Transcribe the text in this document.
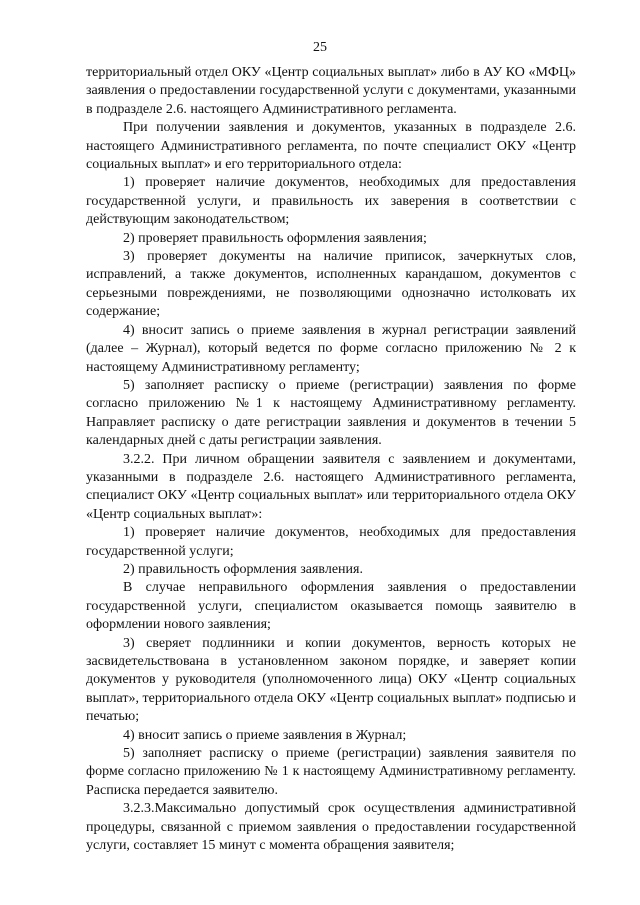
25

территориальный отдел ОКУ «Центр социальных выплат» либо в АУ КО «МФЦ» заявления о предоставлении государственной услуги с документами, указанными в подразделе 2.6. настоящего Административного регламента.

При получении заявления и документов, указанных в подразделе 2.6. настоящего Административного регламента, по почте специалист ОКУ «Центр социальных выплат» и его территориального отдела:

1) проверяет наличие документов, необходимых для предоставления государственной услуги, и правильность их заверения в соответствии с действующим законодательством;

2) проверяет правильность оформления заявления;

3) проверяет документы на наличие приписок, зачеркнутых слов, исправлений, а также документов, исполненных карандашом, документов с серьезными повреждениями, не позволяющими однозначно истолковать их содержание;

4) вносит запись о приеме заявления в журнал регистрации заявлений (далее – Журнал), который ведется по форме согласно приложению № 2 к настоящему Административному регламенту;

5) заполняет расписку о приеме (регистрации) заявления по форме согласно приложению №1 к настоящему Административному регламенту. Направляет расписку о дате регистрации заявления и документов в течении 5 календарных дней с даты регистрации заявления.

3.2.2. При личном обращении заявителя с заявлением и документами, указанными в подразделе 2.6. настоящего Административного регламента, специалист ОКУ «Центр социальных выплат» или территориального отдела ОКУ «Центр социальных выплат»:

1) проверяет наличие документов, необходимых для предоставления государственной услуги;

2) правильность оформления заявления.

В случае неправильного оформления заявления о предоставлении государственной услуги, специалистом оказывается помощь заявителю в оформлении нового заявления;

3) сверяет подлинники и копии документов, верность которых не засвидетельствована в установленном законом порядке, и заверяет копии документов у руководителя (уполномоченного лица) ОКУ «Центр социальных выплат», территориального отдела ОКУ «Центр социальных выплат» подписью и печатью;

4) вносит запись о приеме заявления в Журнал;

5) заполняет расписку о приеме (регистрации) заявления заявителя по форме согласно приложению № 1 к настоящему Административному регламенту. Расписка передается заявителю.

3.2.3.Максимально допустимый срок осуществления административной процедуры, связанной с приемом заявления о предоставлении государственной услуги, составляет 15 минут с момента обращения заявителя;
